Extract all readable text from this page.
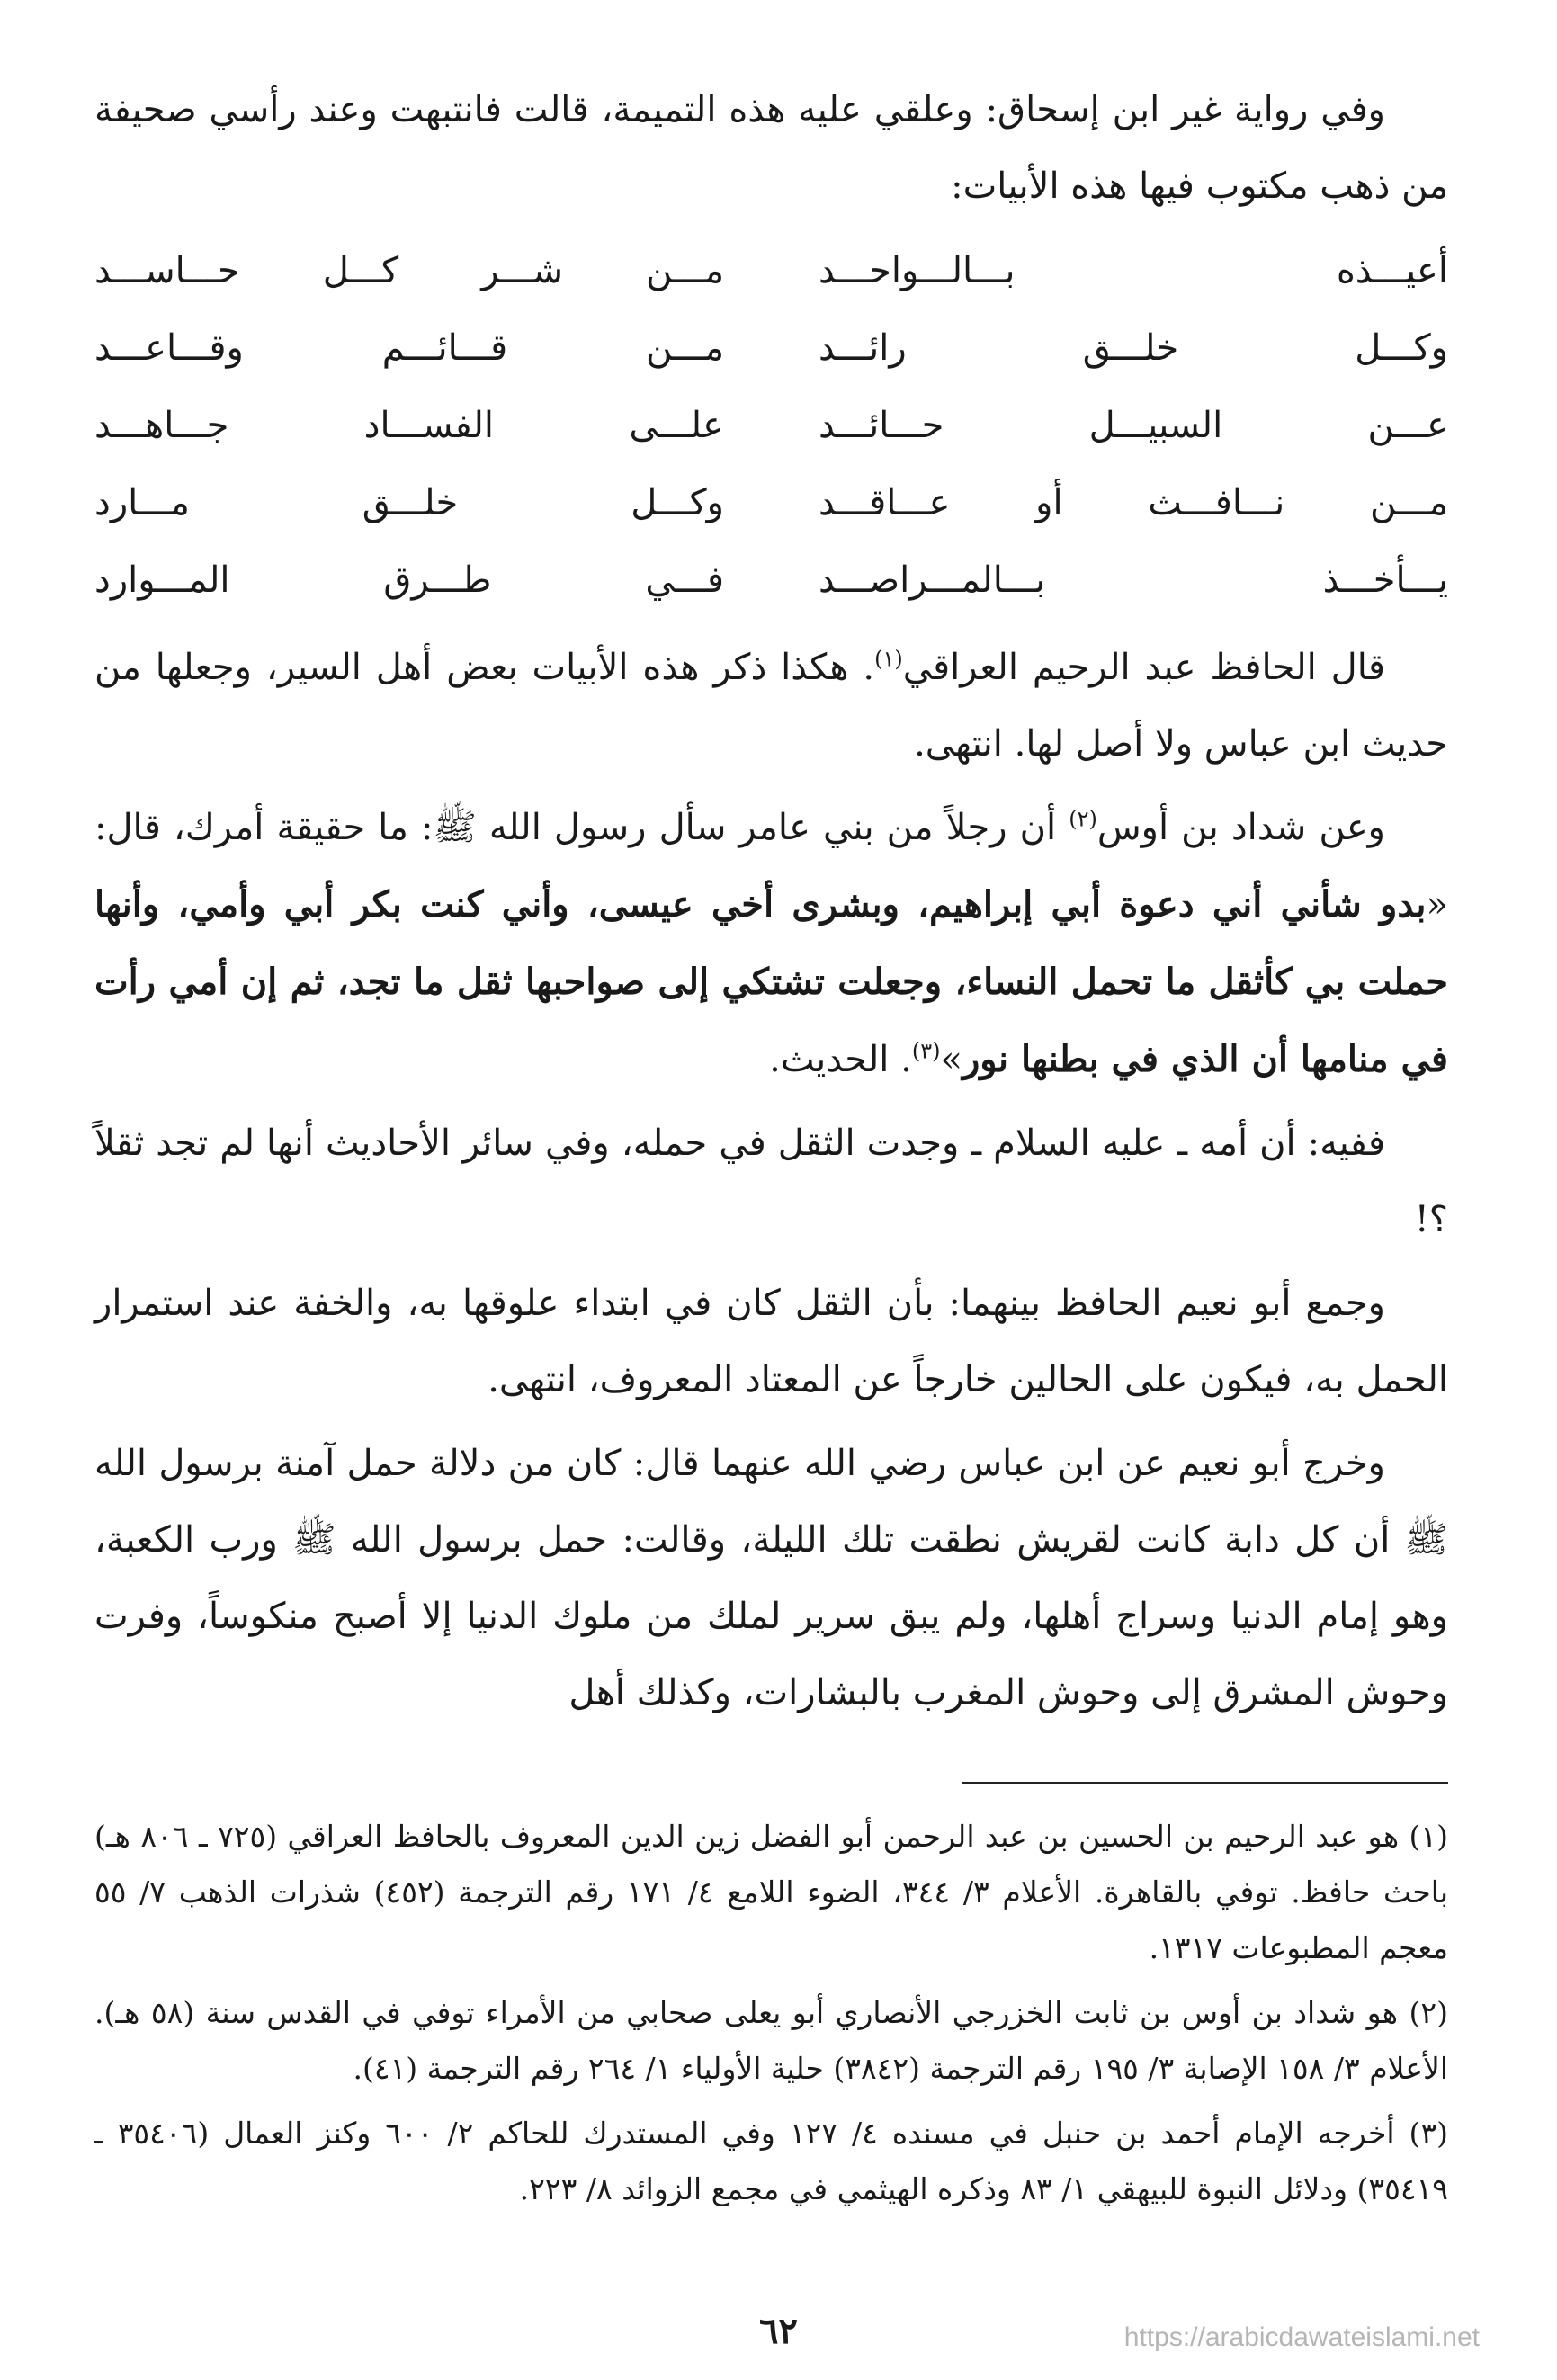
وفي رواية غير ابن إسحاق: وعلقي عليه هذه التميمة، قالت فانتبهت وعند رأسي صحيفة من ذهب مكتوب فيها هذه الأبيات:

أعيـــذه بـــالـــواحـــد
مـــن شـــر كـــل حـــاســـد
وكـــل خلـــق رائـــد
مـــن قـــائـــم وقـــاعـــد
عـــن السبيـــل حـــائـــد
علـــى الفســـاد جـــاهـــد
مـــن نـــافـــث أو عـــاقـــد
وكـــل خلـــق مـــارد
يـــأخـــذ بـــالمـــراصـــد
فـــي طـــرق المـــوارد

قال الحافظ عبد الرحيم العراقي$^{(١)}$. هكذا ذكر هذه الأبيات بعض أهل السير، وجعلها من حديث ابن عباس ولا أصل لها. انتهى.

وعن شداد بن أوس$^{(٢)}$ أن رجلاً من بني عامر سأل رسول الله ﷺ: ما حقيقة أمرك، قال: «بدو شأني أني دعوة أبي إبراهيم، وبشرى أخي عيسى، وأني كنت بكر أبي وأمي، وأنها حملت بي كأثقل ما تحمل النساء، وجعلت تشتكي إلى صواحبها ثقل ما تجد، ثم إن أمي رأت في منامها أن الذي في بطنها نور»$^{(٣)}$. الحديث.

ففيه: أن أمه ـ عليه السلام ـ وجدت الثقل في حمله، وفي سائر الأحاديث أنها لم تجد ثقلاً ؟!

وجمع أبو نعيم الحافظ بينهما: بأن الثقل كان في ابتداء علوقها به، والخفة عند استمرار الحمل به، فيكون على الحالين خارجاً عن المعتاد المعروف، انتهى.

وخرج أبو نعيم عن ابن عباس رضي الله عنهما قال: كان من دلالة حمل آمنة برسول الله ﷺ أن كل دابة كانت لقريش نطقت تلك الليلة، وقالت: حمل برسول الله ﷺ ورب الكعبة، وهو إمام الدنيا وسراج أهلها، ولم يبق سرير لملك من ملوك الدنيا إلا أصبح منكوساً، وفرت وحوش المشرق إلى وحوش المغرب بالبشارات، وكذلك أهل

(١) هو عبد الرحيم بن الحسين بن عبد الرحمن أبو الفضل زين الدين المعروف بالحافظ العراقي (٧٢٥ ـ ٨٠٦ هـ) باحث حافظ. توفي بالقاهرة. الأعلام ٣/ ٣٤٤، الضوء اللامع ٤/ ١٧١ رقم الترجمة (٤٥٢) شذرات الذهب ٧/ ٥٥ معجم المطبوعات ١٣١٧.

(٢) هو شداد بن أوس بن ثابت الخزرجي الأنصاري أبو يعلى صحابي من الأمراء توفي في القدس سنة (٥٨ هـ). الأعلام ٣/ ١٥٨ الإصابة ٣/ ١٩٥ رقم الترجمة (٣٨٤٢) حلية الأولياء ١/ ٢٦٤ رقم الترجمة (٤١).

(٣) أخرجه الإمام أحمد بن حنبل في مسنده ٤/ ١٢٧ وفي المستدرك للحاكم ٢/ ٦٠٠ وكنز العمال (٣٥٤٠٦ ـ ٣٥٤١٩) ودلائل النبوة للبيهقي ١/ ٨٣ وذكره الهيثمي في مجمع الزوائد ٨/ ٢٢٣.

٦٢	https://arabicdawateislami.net
